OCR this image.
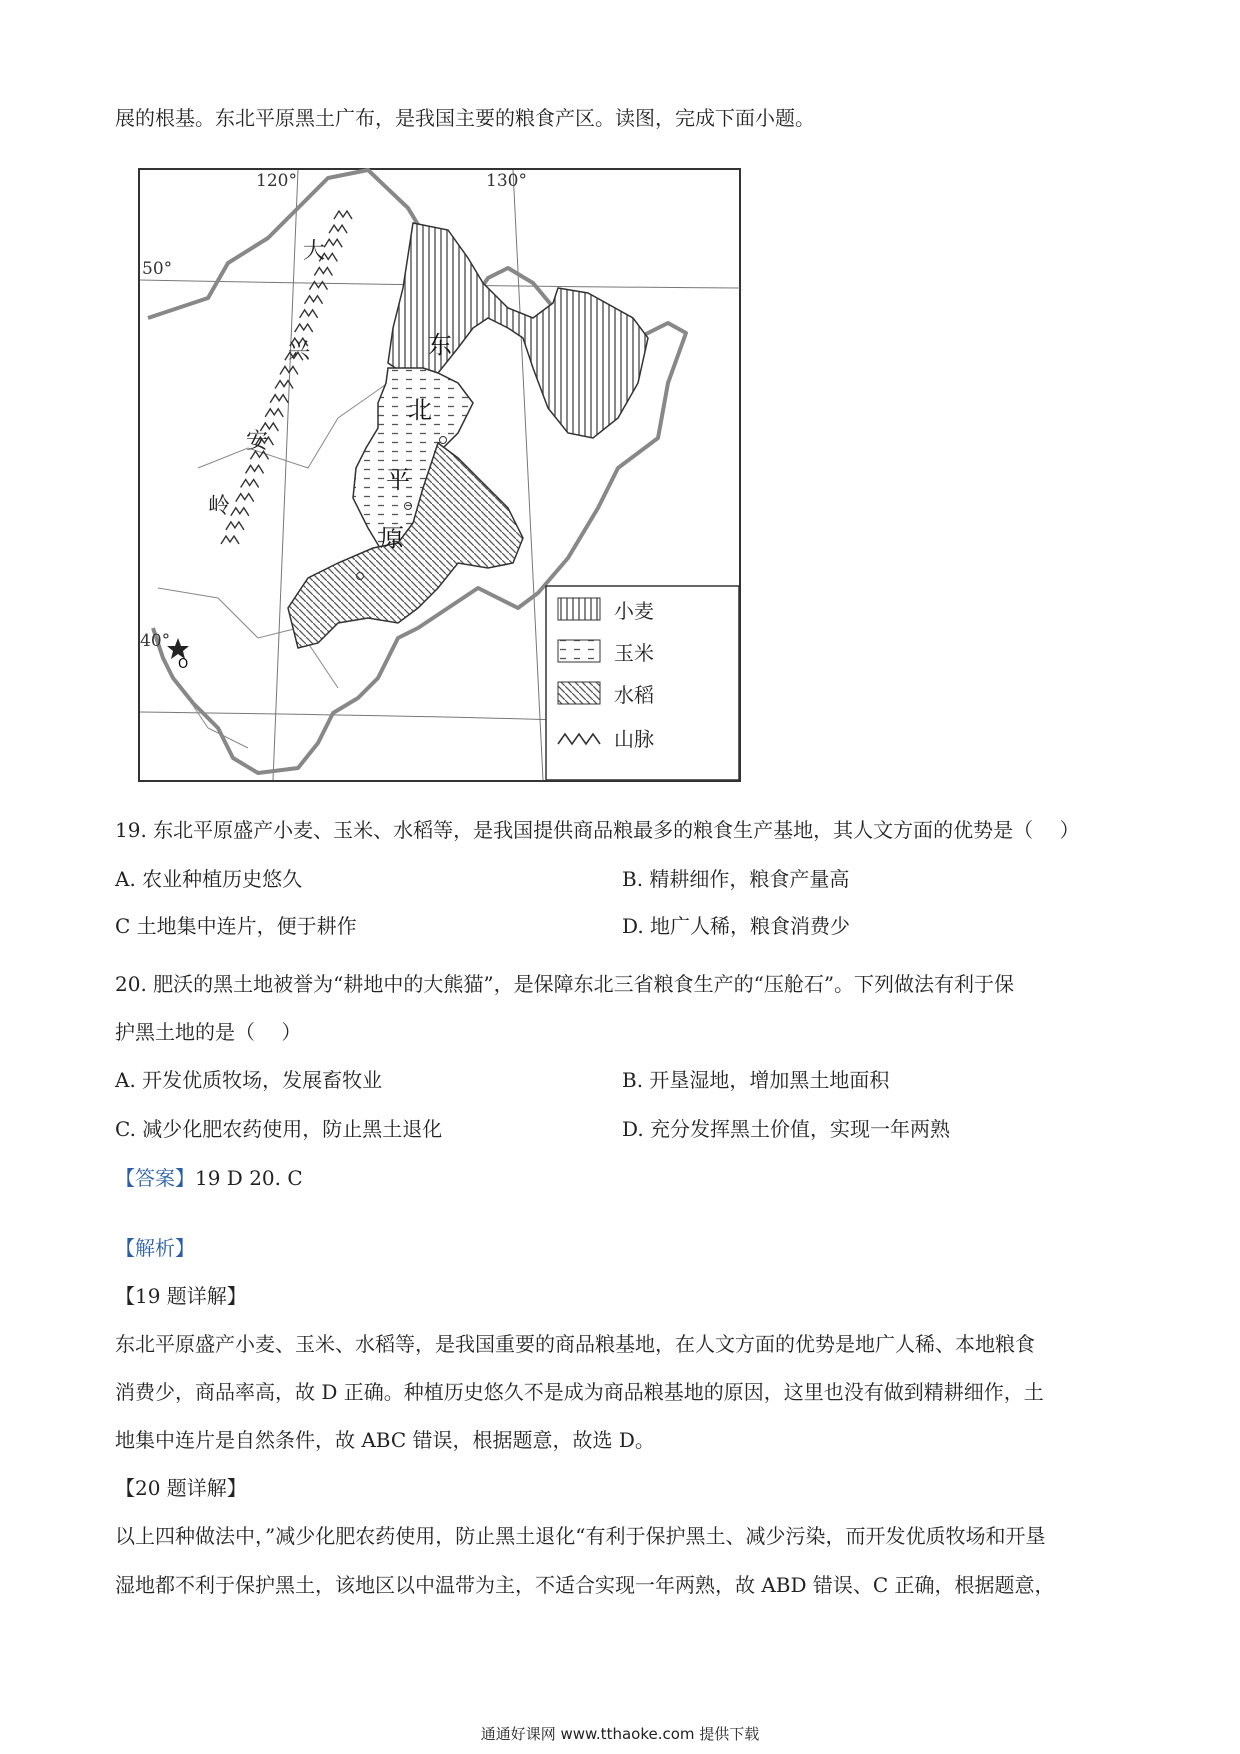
展的根基。东北平原黑土广布，是我国主要的粮食产区。读图，完成下面小题。
O
120°	130°
50°
40°
大
兴
安
岭
东
北
平
原
小麦
玉米
水稻
山脉
19. 东北平原盛产小麦、玉米、水稻等，是我国提供商品粮最多的粮食生产基地，其人文方面的优势是（　 ）
A. 农业种植历史悠久	B. 精耕细作，粮食产量高
C 土地集中连片，便于耕作	D. 地广人稀，粮食消费少
20. 肥沃的黑土地被誉为“耕地中的大熊猫”，是保障东北三省粮食生产的“压舱石”。下列做法有利于保
护黑土地的是（　 ）
A. 开发优质牧场，发展畜牧业	B. 开垦湿地，增加黑土地面积
C. 减少化肥农药使用，防止黑土退化	D. 充分发挥黑土价值，实现一年两熟
【答案】19 D 20. C
【解析】
【19 题详解】
东北平原盛产小麦、玉米、水稻等，是我国重要的商品粮基地，在人文方面的优势是地广人稀、本地粮食
消费少，商品率高，故 D 正确。种植历史悠久不是成为商品粮基地的原因，这里也没有做到精耕细作，土
地集中连片是自然条件，故 ABC 错误，根据题意，故选 D。
【20 题详解】
以上四种做法中，”减少化肥农药使用，防止黑土退化“有利于保护黑土、减少污染，而开发优质牧场和开垦
湿地都不利于保护黑土，该地区以中温带为主，不适合实现一年两熟，故 ABD 错误、C 正确，根据题意，
通通好课网 www.tthaoke.com 提供下载
